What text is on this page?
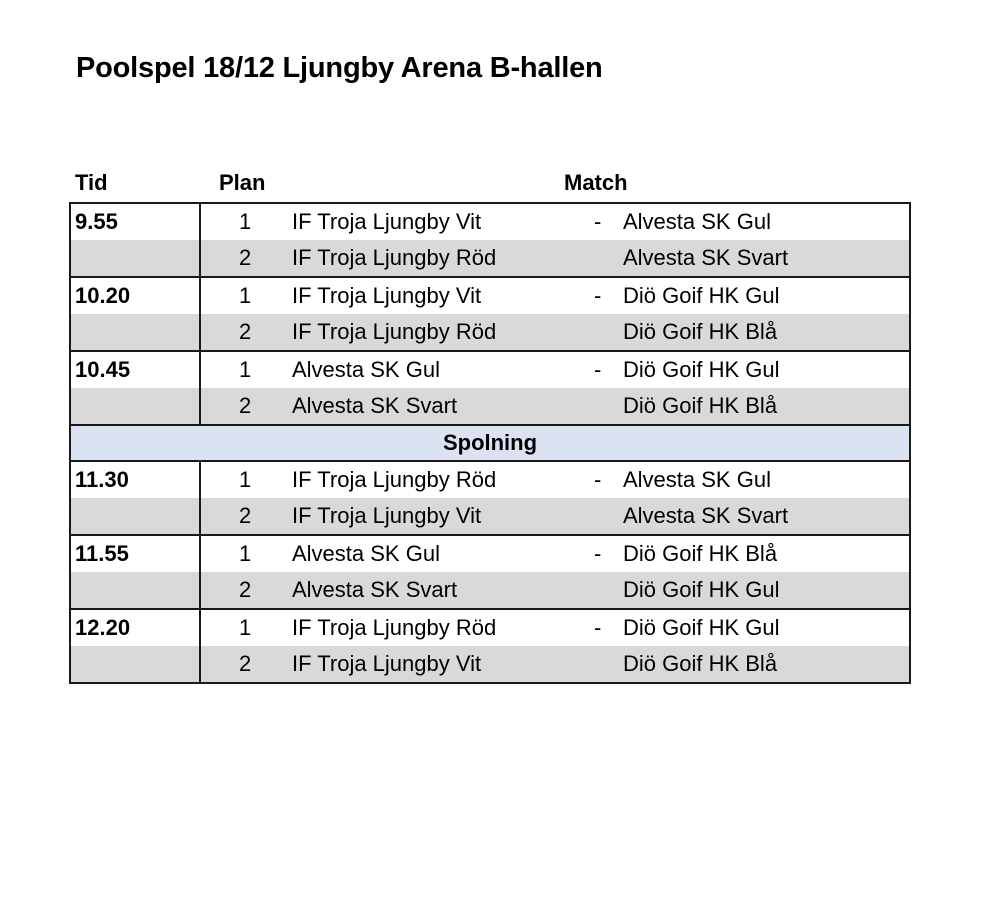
Poolspel 18/12 Ljungby Arena B-hallen
Tid	Plan	Match
9.55	1 IF Troja Ljungby Vit	- Alvesta SK Gul
2 IF Troja Ljungby Röd	Alvesta SK Svart
10.20	1 IF Troja Ljungby Vit	- Diö Goif HK Gul
2 IF Troja Ljungby Röd	Diö Goif HK Blå
10.45	1 Alvesta SK Gul	- Diö Goif HK Gul
2 Alvesta SK Svart	Diö Goif HK Blå
Spolning
11.30	1 IF Troja Ljungby Röd	- Alvesta SK Gul
2 IF Troja Ljungby Vit	Alvesta SK Svart
11.55	1 Alvesta SK Gul	- Diö Goif HK Blå
2 Alvesta SK Svart	Diö Goif HK Gul
12.20	1 IF Troja Ljungby Röd	- Diö Goif HK Gul
2 IF Troja Ljungby Vit	Diö Goif HK Blå
